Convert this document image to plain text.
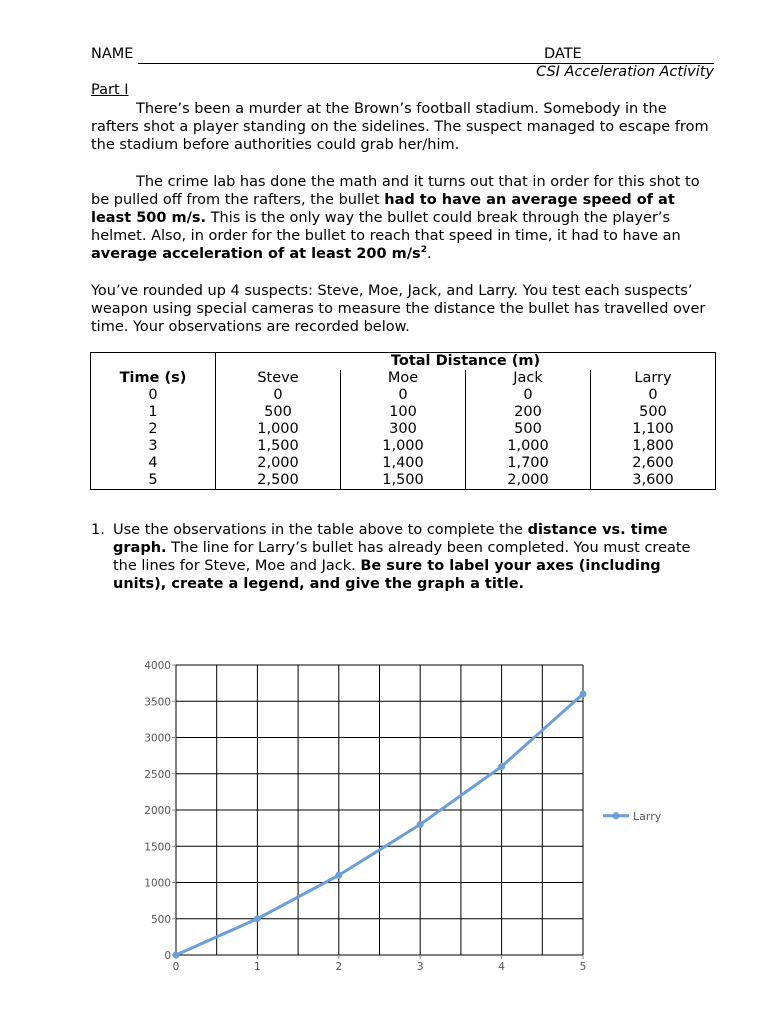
NAME	DATE
CSI Acceleration Activity
Part I

There’s been a murder at the Brown’s football stadium. Somebody in the rafters shot a player standing on the sidelines. The suspect managed to escape from the stadium before authorities could grab her/him.

The crime lab has done the math and it turns out that in order for this shot to be pulled off from the rafters, the bullet had to have an average speed of at least 500 m/s. This is the only way the bullet could break through the player’s helmet. Also, in order for the bullet to reach that speed in time, it had to have an average acceleration of at least 200 $m/s^2$.

You’ve rounded up 4 suspects: Steve, Moe, Jack, and Larry. You test each suspects’ weapon using special cameras to measure the distance the bullet has travelled over time. Your observations are recorded below.

	Total Distance (m)			
Time (s)	Steve	Moe	Jack	Larry
0	0	0	0	0
1	500	100	200	500
2	1,000	300	500	1,100
3	1,500	1,000	1,000	1,800
4	2,000	1,400	1,700	2,600
5	2,500	1,500	2,000	3,600
1. Use the observations in the table above to complete the distance vs. time graph. The line for Larry’s bullet has already been completed. You must create the lines for Steve, Moe and Jack. Be sure to label your axes (including units), create a legend, and give the graph a title.
0
500
1000
1500
2000
2500
3000
3500
4000
0	1	2	3	4	5
Larry
